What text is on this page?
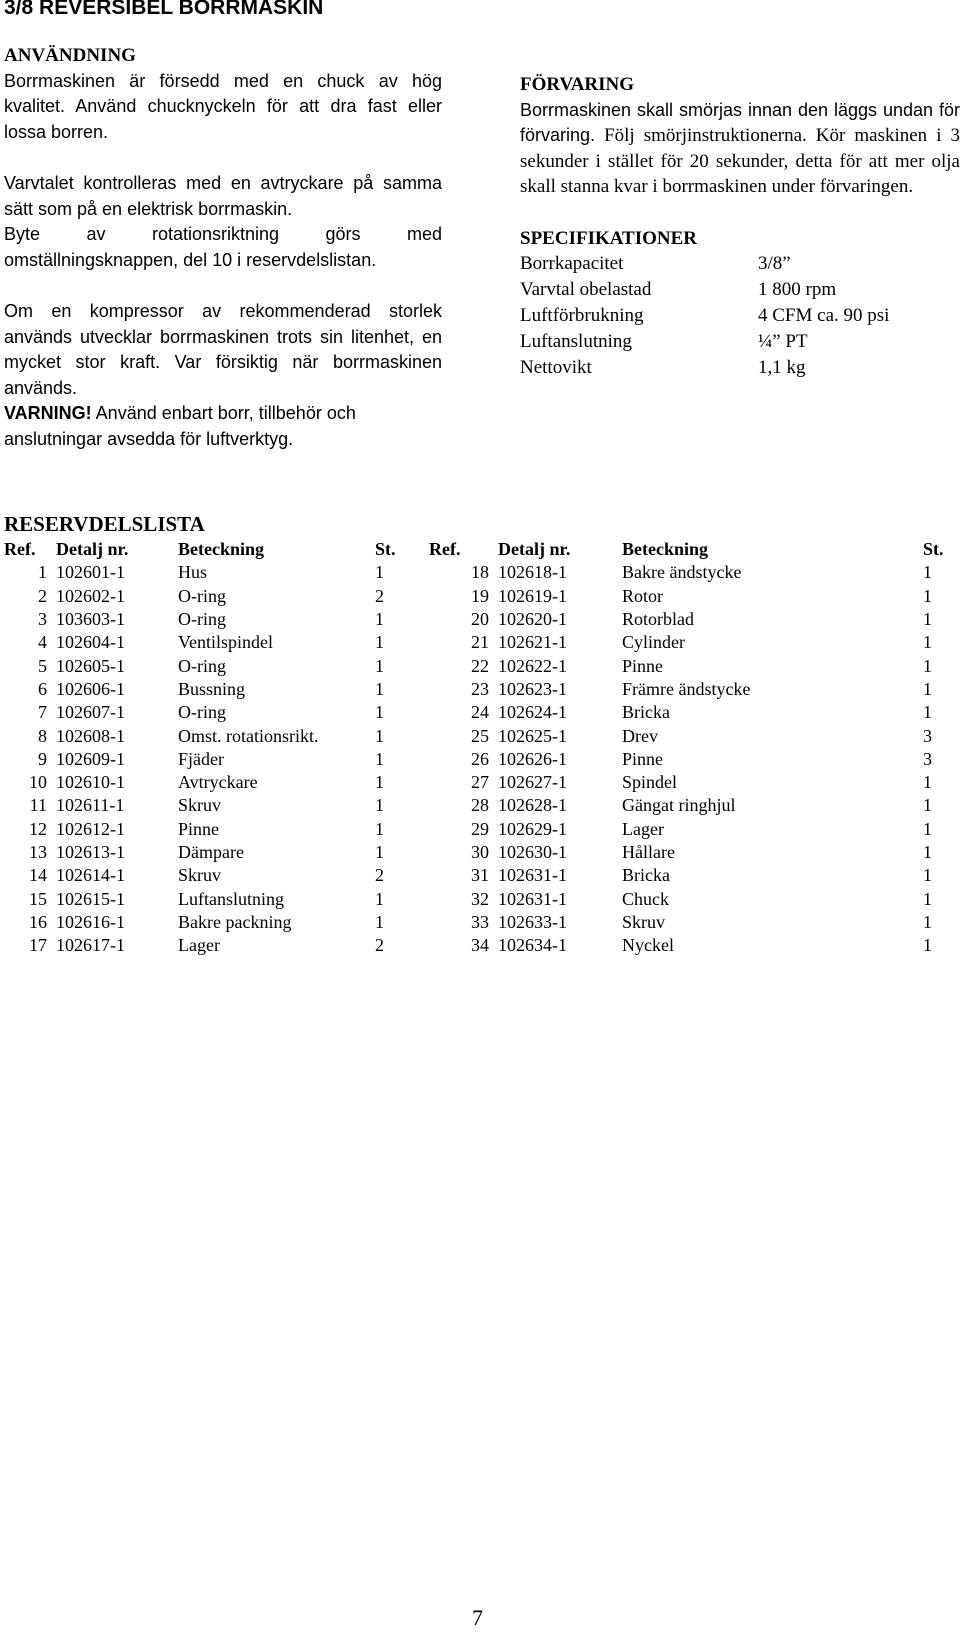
3/8 REVERSIBEL BORRMASKIN

ANVÄNDNING

Borrmaskinen är försedd med en chuck av hög kvalitet. Använd chucknyckeln för att dra fast eller lossa borren.

Varvtalet kontrolleras med en avtryckare på samma sätt som på en elektrisk borrmaskin.

Byte av rotationsriktning görs med omställningsknappen, del 10 i reservdelslistan.

Om en kompressor av rekommenderad storlek används utvecklar borrmaskinen trots sin litenhet, en mycket stor kraft. Var försiktig när borrmaskinen används.

VARNING! Använd enbart borr, tillbehör och anslutningar avsedda för luftverktyg.

FÖRVARING

Borrmaskinen skall smörjas innan den läggs undan för förvaring. Följ smörjinstruktionerna. Kör maskinen i 3 sekunder i stället för 20 sekunder, detta för att mer olja skall stanna kvar i borrmaskinen under förvaringen.

SPECIFIKATIONER

Borrkapacitet	3/8”
Varvtal obelastad	1 800 rpm
Luftförbrukning	4 CFM ca. 90 psi
Luftanslutning	¼” PT
Nettovikt	1,1 kg
RESERVDELSLISTA
Ref.	Detalj nr.	Beteckning	St.	Ref.	Detalj nr.	Beteckning	St.
1	102601-1	Hus	1	18	102618-1	Bakre ändstycke	1
2	102602-1	O-ring	2	19	102619-1	Rotor	1
3	103603-1	O-ring	1	20	102620-1	Rotorblad	1
4	102604-1	Ventilspindel	1	21	102621-1	Cylinder	1
5	102605-1	O-ring	1	22	102622-1	Pinne	1
6	102606-1	Bussning	1	23	102623-1	Främre ändstycke	1
7	102607-1	O-ring	1	24	102624-1	Bricka	1
8	102608-1	Omst. rotationsrikt.	1	25	102625-1	Drev	3
9	102609-1	Fjäder	1	26	102626-1	Pinne	3
10	102610-1	Avtryckare	1	27	102627-1	Spindel	1
11	102611-1	Skruv	1	28	102628-1	Gängat ringhjul	1
12	102612-1	Pinne	1	29	102629-1	Lager	1
13	102613-1	Dämpare	1	30	102630-1	Hållare	1
14	102614-1	Skruv	2	31	102631-1	Bricka	1
15	102615-1	Luftanslutning	1	32	102631-1	Chuck	1
16	102616-1	Bakre packning	1	33	102633-1	Skruv	1
17	102617-1	Lager	2	34	102634-1	Nyckel	1
7
